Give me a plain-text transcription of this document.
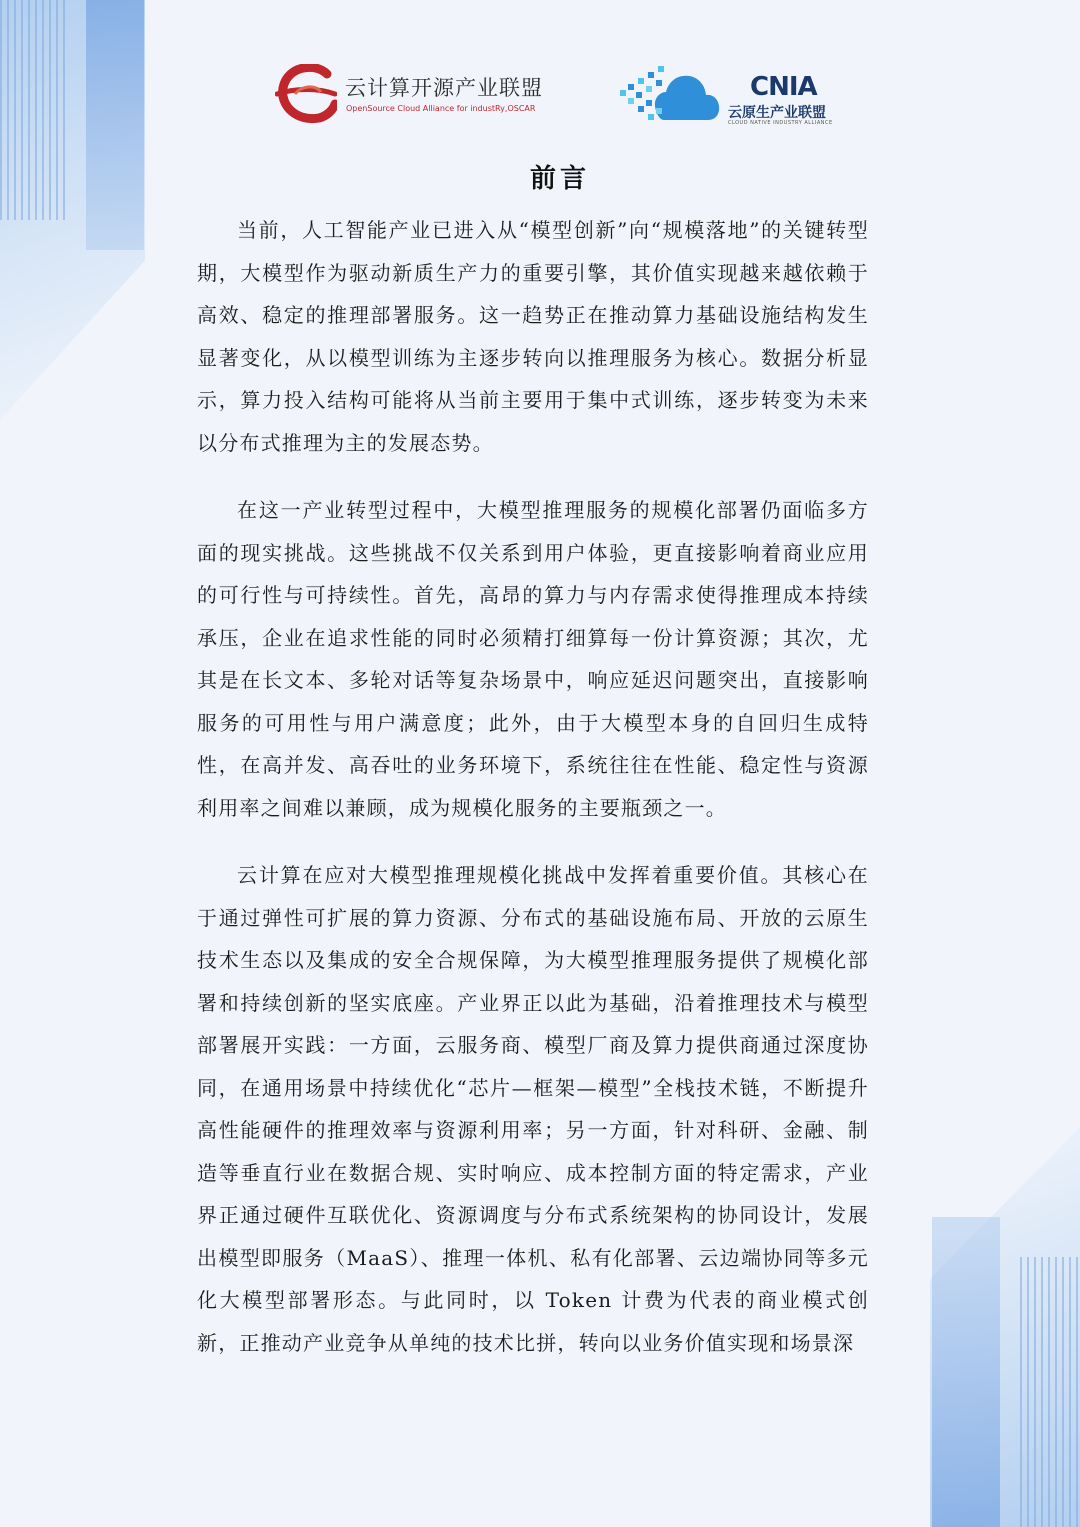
云计算开源产业联盟
OpenSource Cloud Alliance for industRy,OSCAR
CNIA
云原生产业联盟
CLOUD NATIVE INDUSTRY ALLIANCE
前言

当前，人工智能产业已进入从“模型创新”向“规模落地”的关键转型期，大模型作为驱动新质生产力的重要引擎，其价值实现越来越依赖于高效、稳定的推理部署服务。这一趋势正在推动算力基础设施结构发生显著变化，从以模型训练为主逐步转向以推理服务为核心。数据分析显示，算力投入结构可能将从当前主要用于集中式训练，逐步转变为未来以分布式推理为主的发展态势。

在这一产业转型过程中，大模型推理服务的规模化部署仍面临多方面的现实挑战。这些挑战不仅关系到用户体验，更直接影响着商业应用的可行性与可持续性。首先，高昂的算力与内存需求使得推理成本持续承压，企业在追求性能的同时必须精打细算每一份计算资源；其次，尤其是在长文本、多轮对话等复杂场景中，响应延迟问题突出，直接影响服务的可用性与用户满意度；此外，由于大模型本身的自回归生成特性，在高并发、高吞吐的业务环境下，系统往往在性能、稳定性与资源利用率之间难以兼顾，成为规模化服务的主要瓶颈之一。

云计算在应对大模型推理规模化挑战中发挥着重要价值。其核心在于通过弹性可扩展的算力资源、分布式的基础设施布局、开放的云原生技术生态以及集成的安全合规保障，为大模型推理服务提供了规模化部署和持续创新的坚实底座。产业界正以此为基础，沿着推理技术与模型部署展开实践：一方面，云服务商、模型厂商及算力提供商通过深度协同，在通用场景中持续优化“芯片—框架—模型”全栈技术链，不断提升高性能硬件的推理效率与资源利用率；另一方面，针对科研、金融、制造等垂直行业在数据合规、实时响应、成本控制方面的特定需求，产业界正通过硬件互联优化、资源调度与分布式系统架构的协同设计，发展出模型即服务（MaaS）、推理一体机、私有化部署、云边端协同等多元化大模型部署形态。与此同时，以 Token 计费为代表的商业模式创新，正推动产业竞争从单纯的技术比拼，转向以业务价值实现和场景深
